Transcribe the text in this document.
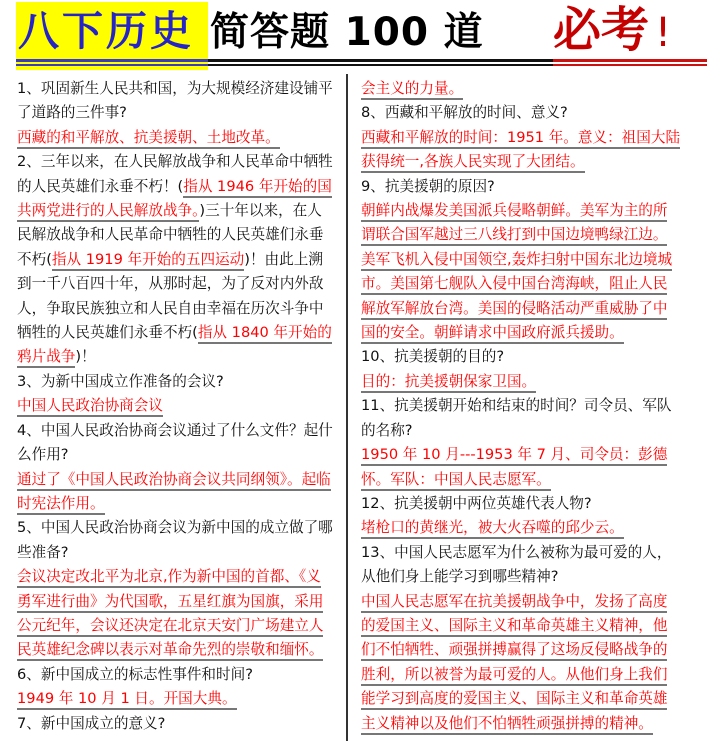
八下历史 简答题 100 道 必考 !
1、巩固新生人民共和国，为大规模经济建设铺平了道路的三件事?
西藏的和平解放、抗美援朝、土地改革。
2、三年以来，在人民解放战争和人民革命中牺牲的人民英雄们永垂不朽！(指从 1946 年开始的国共两党进行的人民解放战争。)三十年以来，在人民解放战争和人民革命中牺牲的人民英雄们永垂不朽(指从 1919 年开始的五四运动)！由此上溯到一千八百四十年，从那时起，为了反对内外敌人，争取民族独立和人民自由幸福在历次斗争中牺牲的人民英雄们永垂不朽(指从 1840 年开始的鸦片战争)！
3、为新中国成立作准备的会议?
中国人民政治协商会议
4、中国人民政治协商会议通过了什么文件？起什么作用?
通过了《中国人民政治协商会议共同纲领》。起临时宪法作用。
5、中国人民政治协商会议为新中国的成立做了哪些准备?
会议决定改北平为北京,作为新中国的首都、《义勇军进行曲》为代国歌，五星红旗为国旗，采用公元纪年，会议还决定在北京天安门广场建立人民英雄纪念碑以表示对革命先烈的崇敬和缅怀。
6、新中国成立的标志性事件和时间?
1949 年 10 月 1 日。开国大典。
7、新中国成立的意义?
会主义的力量。
8、西藏和平解放的时间、意义?
西藏和平解放的时间：1951 年。意义：祖国大陆获得统一,各族人民实现了大团结。
9、抗美援朝的原因?
朝鲜内战爆发美国派兵侵略朝鲜。美军为主的所谓联合国军越过三八线打到中国边境鸭绿江边。美军飞机入侵中国领空,轰炸扫射中国东北边境城市。美国第七舰队入侵中国台湾海峡，阻止人民解放军解放台湾。美国的侵略活动严重威胁了中国的安全。朝鲜请求中国政府派兵援助。
10、抗美援朝的目的?
目的：抗美援朝保家卫国。
11、抗美援朝开始和结束的时间？司令员、军队的名称?
1950 年 10 月---1953 年 7 月、司令员：彭德怀。军队：中国人民志愿军。
12、抗美援朝中两位英雄代表人物?
堵枪口的黄继光，被大火吞噬的邱少云。
13、中国人民志愿军为什么被称为最可爱的人，从他们身上能学习到哪些精神?
中国人民志愿军在抗美援朝战争中，发扬了高度的爱国主义、国际主义和革命英雄主义精神，他们不怕牺牲、顽强拼搏赢得了这场反侵略战争的胜利，所以被誉为最可爱的人。从他们身上我们能学习到高度的爱国主义、国际主义和革命英雄主义精神以及他们不怕牺牲顽强拼搏的精神。
